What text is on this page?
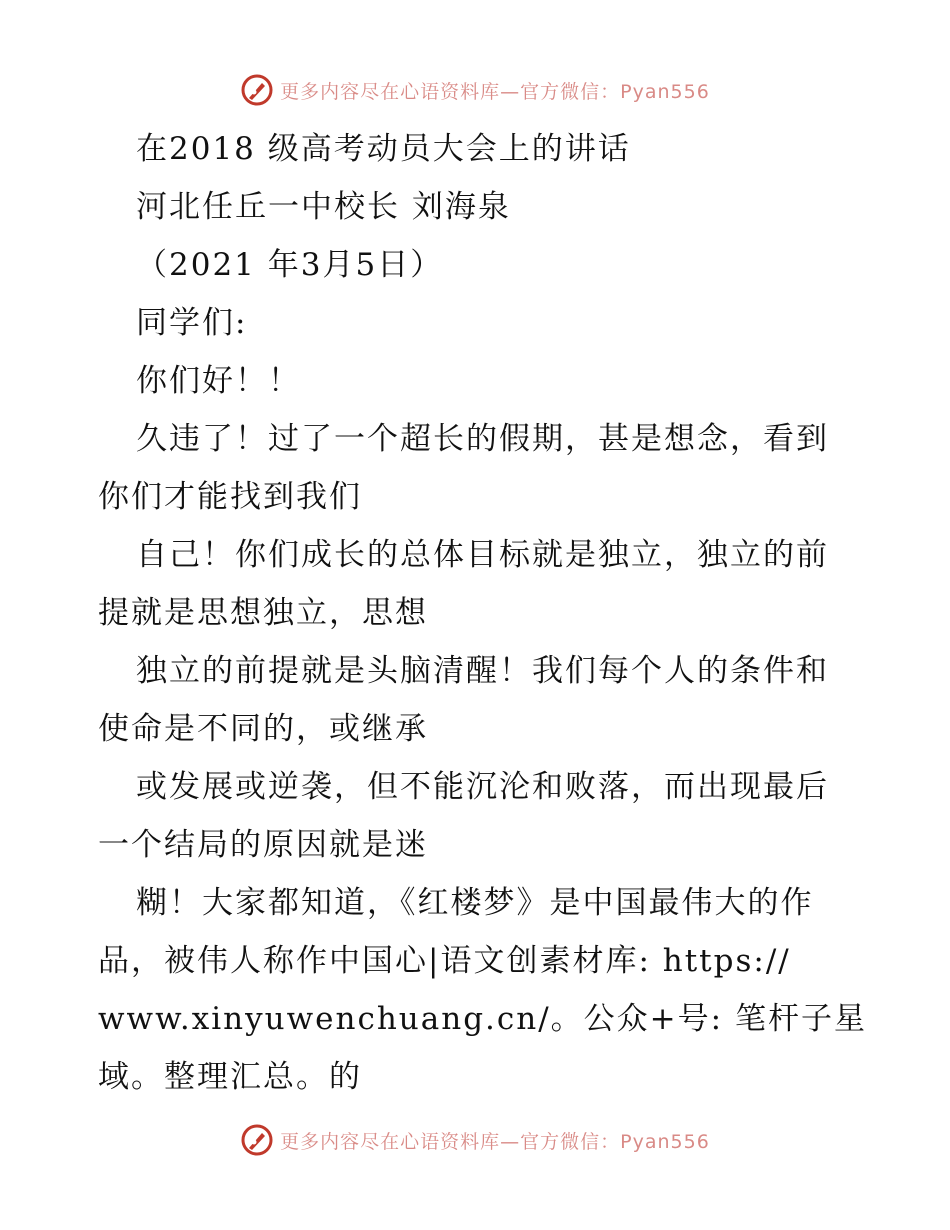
更多内容尽在心语资料库—官方微信：Pyan556
在2018 级高考动员大会上的讲话
河北任丘一中校长 刘海泉
（2021 年3月5日）
同学们:
你们好！！
久违了！过了一个超长的假期，甚是想念，看到
你们才能找到我们
自己！你们成长的总体目标就是独立，独立的前
提就是思想独立，思想
独立的前提就是头脑清醒！我们每个人的条件和
使命是不同的，或继承
或发展或逆袭，但不能沉沦和败落，而出现最后
一个结局的原因就是迷
糊！大家都知道，《红楼梦》是中国最伟大的作
品，被伟人称作中国心|语文创素材库: https://
www.xinyuwenchuang.cn/。公众+号: 笔杆子星
域。整理汇总。的
更多内容尽在心语资料库—官方微信：Pyan556
